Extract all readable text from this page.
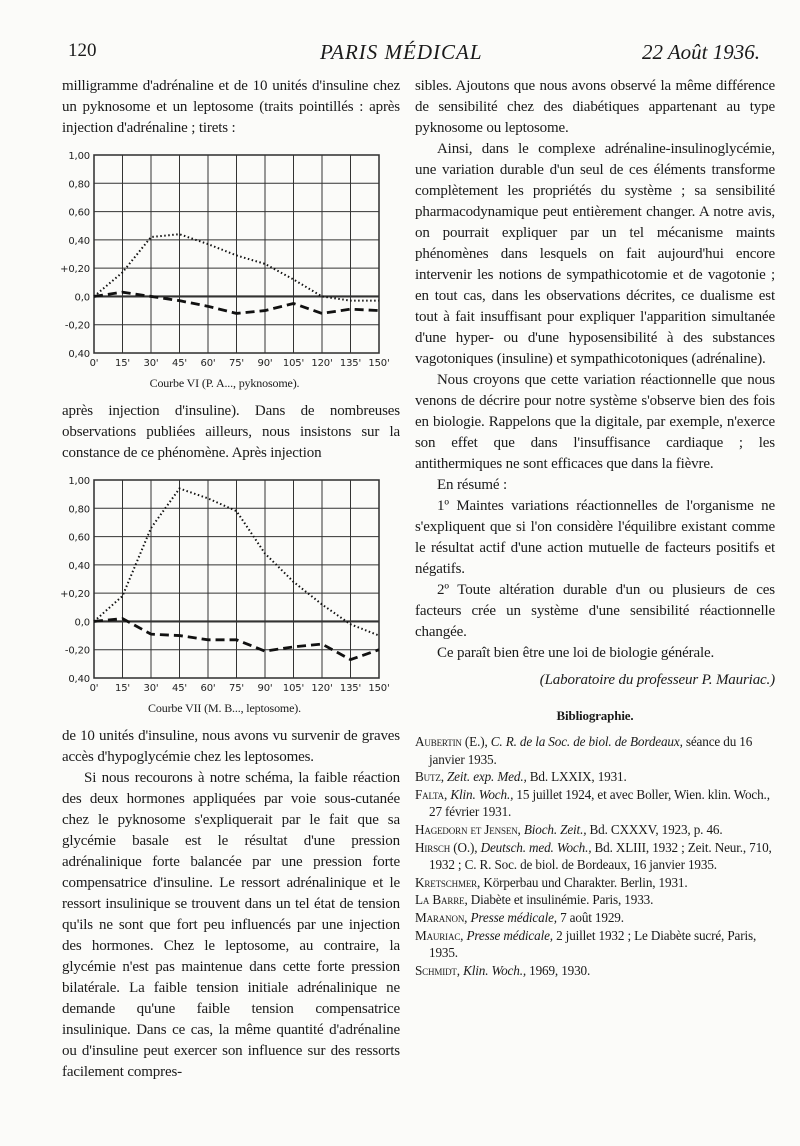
120	PARIS MÉDICAL	22 Août 1936.

milligramme d'adrénaline et de 10 unités d'insuline chez un pyknosome et un leptosome (traits pointillés : après injection d'adrénaline ; tirets :

0' 15' 30' 45' 60' 75' 90' 105' 120' 135' 150'
1,00
0,80
0,60
0,40
+0,20
0,0
-0,20
0,40
Courbe VI (P. A..., pyknosome).

après injection d'insuline). Dans de nombreuses observations publiées ailleurs, nous insistons sur la constance de ce phénomène. Après injection

0' 15' 30' 45' 60' 75' 90' 105' 120' 135' 150'
1,00
0,80
0,60
0,40
+0,20
0,0
-0,20
0,40
Courbe VII (M. B..., leptosome).

de 10 unités d'insuline, nous avons vu survenir de graves accès d'hypoglycémie chez les leptosomes.

Si nous recourons à notre schéma, la faible réaction des deux hormones appliquées par voie sous-cutanée chez le pyknosome s'expliquerait par le fait que sa glycémie basale est le résultat d'une pression adrénalinique forte balancée par une pression forte compensatrice d'insuline. Le ressort adrénalinique et le ressort insulinique se trouvent dans un tel état de tension qu'ils ne sont que fort peu influencés par une injection des hormones. Chez le leptosome, au contraire, la glycémie n'est pas maintenue dans cette forte pression bilatérale. La faible tension initiale adrénalinique ne demande qu'une faible tension compensatrice insulinique. Dans ce cas, la même quantité d'adrénaline ou d'insuline peut exercer son influence sur des ressorts facilement compres-

sibles. Ajoutons que nous avons observé la même différence de sensibilité chez des diabétiques appartenant au type pyknosome ou leptosome.

Ainsi, dans le complexe adrénaline-insulinoglycémie, une variation durable d'un seul de ces éléments transforme complètement les propriétés du système ; sa sensibilité pharmacodynamique peut entièrement changer. A notre avis, on pourrait expliquer par un tel mécanisme maints phénomènes dans lesquels on fait aujourd'hui encore intervenir les notions de sympathicotomie et de vagotonie ; en tout cas, dans les observations décrites, ce dualisme est tout à fait insuffisant pour expliquer l'apparition simultanée d'une hyper- ou d'une hyposensibilité à des substances vagotoniques (insuline) et sympathicotoniques (adrénaline).

Nous croyons que cette variation réactionnelle que nous venons de décrire pour notre système s'observe bien des fois en biologie. Rappelons que la digitale, par exemple, n'exerce son effet que dans l'insuffisance cardiaque ; les antithermiques ne sont efficaces que dans la fièvre.

En résumé :

1º Maintes variations réactionnelles de l'organisme ne s'expliquent que si l'on considère l'équilibre existant comme le résultat actif d'une action mutuelle de facteurs positifs et négatifs.

2º Toute altération durable d'un ou plusieurs de ces facteurs crée un système d'une sensibilité réactionnelle changée.

Ce paraît bien être une loi de biologie générale.

(Laboratoire du professeur P. Mauriac.)

Bibliographie.
Aubertin (E.), C. R. de la Soc. de biol. de Bordeaux, séance du 16 janvier 1935.
Butz, Zeit. exp. Med., Bd. LXXIX, 1931.
Falta, Klin. Woch., 15 juillet 1924, et avec Boller, Wien. klin. Woch., 27 février 1931.
Hagedorn et Jensen, Bioch. Zeit., Bd. CXXXV, 1923, p. 46.
Hirsch (O.), Deutsch. med. Woch., Bd. XLIII, 1932 ; Zeit. Neur., 710, 1932 ; C. R. Soc. de biol. de Bordeaux, 16 janvier 1935.
Kretschmer, Körperbau und Charakter. Berlin, 1931.
La Barre, Diabète et insulinémie. Paris, 1933.
Maranon, Presse médicale, 7 août 1929.
Mauriac, Presse médicale, 2 juillet 1932 ; Le Diabète sucré, Paris, 1935.
Schmidt, Klin. Woch., 1969, 1930.
